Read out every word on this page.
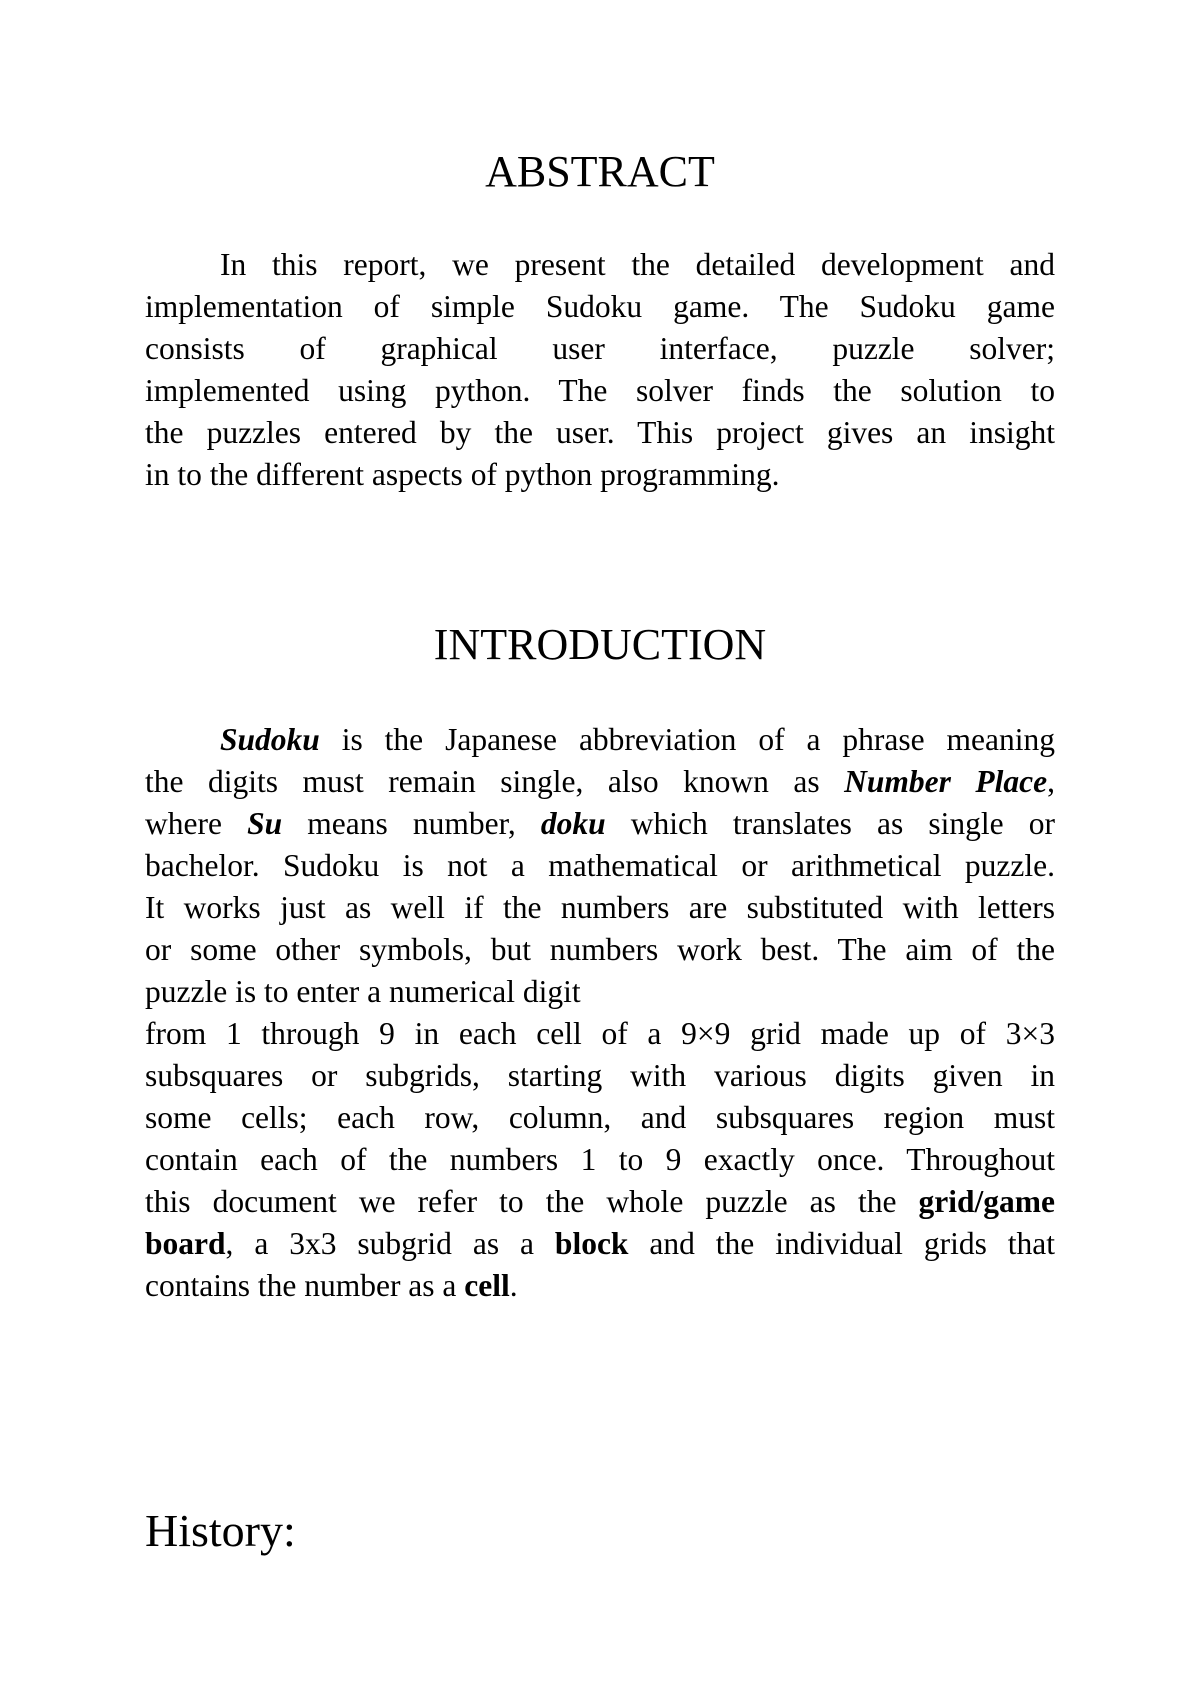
ABSTRACT
In this report, we present the detailed development and
implementation of simple Sudoku game. The Sudoku game
consists of graphical user interface, puzzle solver;
implemented using python. The solver finds the solution to
the puzzles entered by the user. This project gives an insight
in to the different aspects of python programming.
INTRODUCTION
Sudoku is the Japanese abbreviation of a phrase meaning
the digits must remain single, also known as Number Place,
where Su means number, doku which translates as single or
bachelor. Sudoku is not a mathematical or arithmetical puzzle.
It works just as well if the numbers are substituted with letters
or some other symbols, but numbers work best. The aim of the
puzzle is to enter a numerical digit
from 1 through 9 in each cell of a 9×9 grid made up of 3×3
subsquares or subgrids, starting with various digits given in
some cells; each row, column, and subsquares region must
contain each of the numbers 1 to 9 exactly once. Throughout
this document we refer to the whole puzzle as the grid/game
board, a 3x3 subgrid as a block and the individual grids that
contains the number as a cell.
History:
